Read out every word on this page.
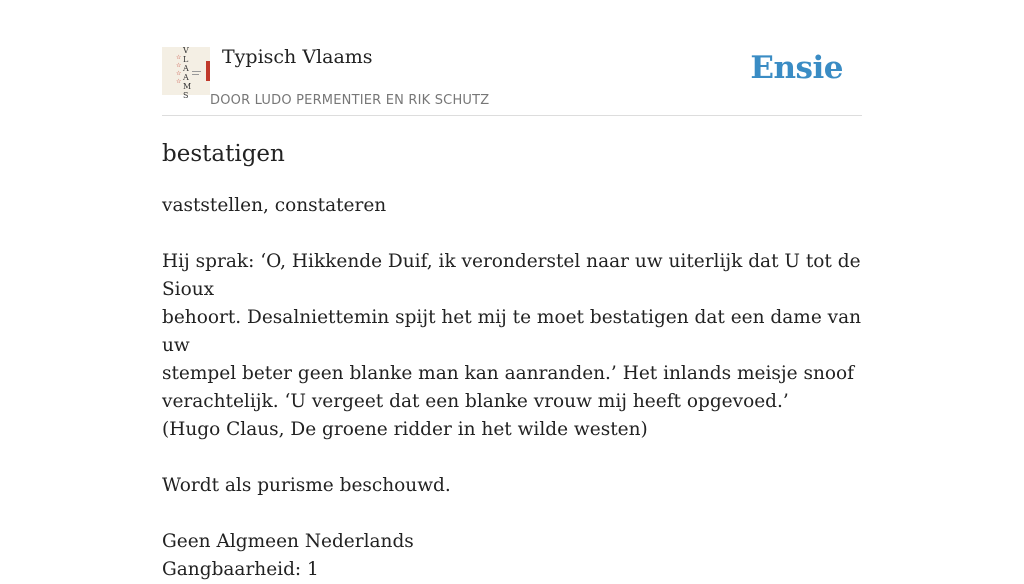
☆
☆
☆
☆
V
L
A
A
M
S
Typisch Vlaams
DOOR LUDO PERMENTIER EN RIK SCHUTZ
Ensie
bestatigen

vaststellen, constateren

Hij sprak: ‘O, Hikkende Duif, ik veronderstel naar uw uiterlijk dat U tot de Sioux

behoort. Desalniettemin spijt het mij te moet bestatigen dat een dame van uw

stempel beter geen blanke man kan aanranden.’ Het inlands meisje snoof

verachtelijk. ‘U vergeet dat een blanke vrouw mij heeft opgevoed.’

(Hugo Claus, De groene ridder in het wilde westen)

Wordt als purisme beschouwd.

Geen Algmeen Nederlands

Gangbaarheid: 1
